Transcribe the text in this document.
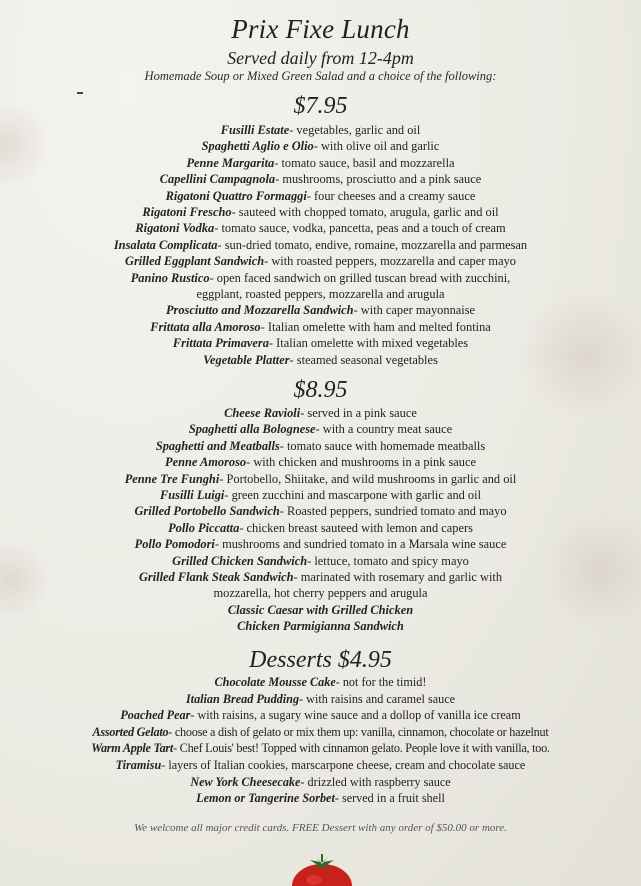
Prix Fixe Lunch
Served daily from 12-4pm
Homemade Soup or Mixed Green Salad and a choice of the following:
$7.95
Fusilli Estate- vegetables, garlic and oil
Spaghetti Aglio e Olio- with olive oil and garlic
Penne Margarita- tomato sauce, basil and mozzarella
Capellini Campagnola- mushrooms, prosciutto and a pink sauce
Rigatoni Quattro Formaggi- four cheeses and a creamy sauce
Rigatoni Frescho- sauteed with chopped tomato, arugula, garlic and oil
Rigatoni Vodka- tomato sauce, vodka, pancetta, peas and a touch of cream
Insalata Complicata- sun-dried tomato, endive, romaine, mozzarella and parmesan
Grilled Eggplant Sandwich- with roasted peppers, mozzarella and caper mayo
Panino Rustico- open faced sandwich on grilled tuscan bread with zucchini,
eggplant, roasted peppers, mozzarella and arugula
Prosciutto and Mozzarella Sandwich- with caper mayonnaise
Frittata alla Amoroso- Italian omelette with ham and melted fontina
Frittata Primavera- Italian omelette with mixed vegetables
Vegetable Platter- steamed seasonal vegetables
$8.95
Cheese Ravioli- served in a pink sauce
Spaghetti alla Bolognese- with a country meat sauce
Spaghetti and Meatballs- tomato sauce with homemade meatballs
Penne Amoroso- with chicken and mushrooms in a pink sauce
Penne Tre Funghi- Portobello, Shiitake, and wild mushrooms in garlic and oil
Fusilli Luigi- green zucchini and mascarpone with garlic and oil
Grilled Portobello Sandwich- Roasted peppers, sundried tomato and mayo
Pollo Piccatta- chicken breast sauteed with lemon and capers
Pollo Pomodori- mushrooms and sundried tomato in a Marsala wine sauce
Grilled Chicken Sandwich- lettuce, tomato and spicy mayo
Grilled Flank Steak Sandwich- marinated with rosemary and garlic with
mozzarella, hot cherry peppers and arugula
Classic Caesar with Grilled Chicken
Chicken Parmigianna Sandwich
Desserts $4.95
Chocolate Mousse Cake- not for the timid!
Italian Bread Pudding- with raisins and caramel sauce
Poached Pear- with raisins, a sugary wine sauce and a dollop of vanilla ice cream
Assorted Gelato- choose a dish of gelato or mix them up: vanilla, cinnamon, chocolate or hazelnut
Warm Apple Tart- Chef Louis' best! Topped with cinnamon gelato. People love it with vanilla, too.
Tiramisu- layers of Italian cookies, marscarpone cheese, cream and chocolate sauce
New York Cheesecake- drizzled with raspberry sauce
Lemon or Tangerine Sorbet- served in a fruit shell
We welcome all major credit cards. FREE Dessert with any order of $50.00 or more.
